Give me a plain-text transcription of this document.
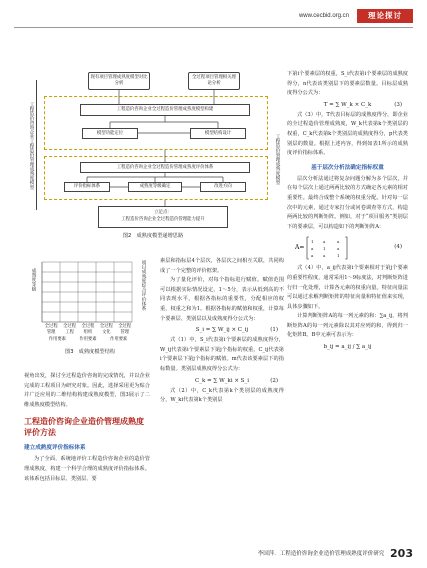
www.cecbid.org.cn	理论探讨
工程造价咨询企业工程造价管理成熟度模型
现有项目管理成熟度模型对比分析
全过程项目管理相关理论分析
工程造价咨询企业全过程造价管理成熟度模型构建
模型功能定位	模型结构设计
工程造价管理成熟度模型
工程造价咨询企业全过程造价管理成熟度评价体系
评价指标体系	成熟度等级确定	改进方向
立足点：
工程造价咨询企业全过程造价管理能力提升
图2　成熟度模型递增思路
成熟度等级	项目成熟度综合评价体系
全过程
管理
全过程
工程
全过程
组织
全过程
文化
全过程
管理
作用要素	作用要素	作用要素
图3　成熟度模型结构

视角出发，探讨全过程造价咨询的完成情况，并以企业完成的工程项目为研究对象。因此，选择采用更为贴合并广泛应用的二维结构构建成熟度模型，图3展示了二维成熟度模型结构。

工程造价咨询企业造价管理成熟度评价方法
建立成熟度评价指标体系

为了全面、系统地评价工程造价咨询企业的造价管理成熟度，构建一个科学合理的成熟度评价指标体系。该体系包括目标层、类别层、要

素层和指标层4个层次，各层次之间相互关联，共同构成了一个完整的评价框架。

为了量化评价，对每个指标进行赋值。赋值范围可以根据实际情况设定，1～5分，表示从低到高的不同表现水平，根据各指标的重要性，分配相应的权重，权重之和为1。根据各指标的赋值和权重，计算每个要素层、类别层以及成熟度得分公式为：

S_i = ∑ W_ij × C_ij	(1)

式（1）中，S_i代表第i个要素层的成熟度得分，W_ij代表第i个要素层下第j个指标的权重，C_ij代表第i个要素层下第j个指标的赋值。m代表该要素层下的指标数量。类别层成熟度得分公式为：

C_k = ∑ W_ki × S_i	(2)

式（2）中，C_k代表第k个类别层的成熟度得分，W_ki代表第k个类别层

下第i个要素层的权重，S_i代表第i个要素层的成熟度得分，n代表该类别层下的要素层数量。目标层成熟度得分公式为：

T = ∑ W_k × C_k	(3)

式（3）中，T代表目标层的成熟度得分，即企业的全过程造价管理成熟度，W_k代表第k个类别层的权重，C_k代表第k个类别层的成熟度得分，p代表类别层的数量。根据上述内容，得到如表1所示的成熟度评价指标体系。

基于层次分析法确定指标权重

层次分析法通过将复杂问题分解为多个层次，并在每个层次上通过两两比较的方式确定各元素的相对重要性。最终合成整个系统的权重分配。针对每一层次中的元素，通过专家打分或问卷调查等方式，构造两两比较的判断矩阵。例如，对于“项目服务”类别层下的要素层，可以构造如下的判断矩阵A：

A=
1 a	a
a 1	a
a a	1
(4)

式（4）中，a_ij代表第i个要素相对于第j个要素的重要性程度，通常采用1～9标度法，对判断矩阵进行归一化处理，计算各元素的权重向量。特征向量法可以通过求解判断矩阵的特征向量和特征值来实现，具体步骤如下。

计算判断矩阵A的每一列元素的和：∑a_ij，将判断矩阵A的每一列元素除以其对应列的和，得到归一化矩阵B。B中元素可表示为：

b_ij = a_ij / ∑ a_ij
李国萍．工程造价咨询企业造价管理成熟度评价研究 203
